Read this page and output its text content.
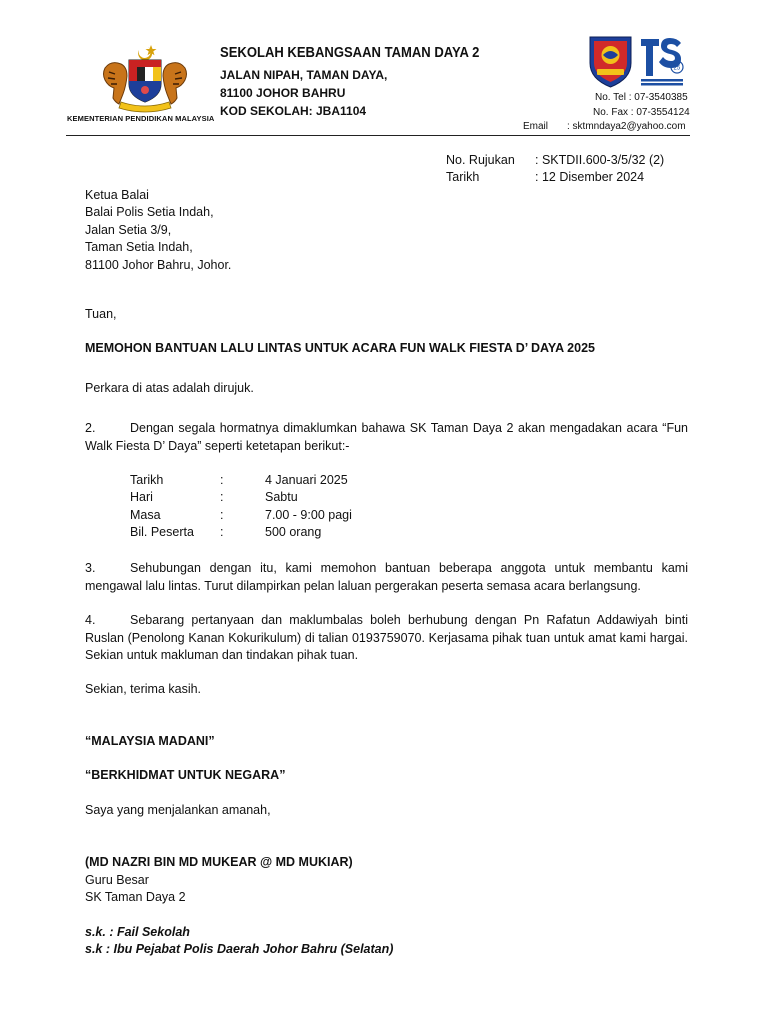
KEMENTERIAN PENDIDIKAN MALAYSIA
SEKOLAH KEBANGSAAN TAMAN DAYA 2
JALAN NIPAH, TAMAN DAYA,
81100 JOHOR BAHRU
KOD SEKOLAH: JBA1104
25
No. Tel : 07-3540385
No. Fax : 07-3554124
Email : sktmndaya2@yahoo.com
No. Rujukan : SKTDII.600-3/5/32 (2)
Tarikh	: 12 Disember 2024
Ketua Balai
Balai Polis Setia Indah,
Jalan Setia 3/9,
Taman Setia Indah,
81100 Johor Bahru, Johor.
Tuan,
MEMOHON BANTUAN LALU LINTAS UNTUK ACARA FUN WALK FIESTA D’ DAYA 2025
Perkara di atas adalah dirujuk.
2.	Dengan segala hormatnya dimaklumkan bahawa SK Taman Daya 2 akan mengadakan acara “Fun Walk Fiesta D’ Daya” seperti ketetapan berikut:-
Tarikh	:	4 Januari 2025
Hari	:	Sabtu
Masa	:	7.00 - 9:00 pagi
Bil. Peserta :	500 orang
3.	Sehubungan dengan itu, kami memohon bantuan beberapa anggota untuk membantu kami mengawal lalu lintas. Turut dilampirkan pelan laluan pergerakan peserta semasa acara berlangsung.
4.	Sebarang pertanyaan dan maklumbalas boleh berhubung dengan Pn Rafatun Addawiyah binti Ruslan (Penolong Kanan Kokurikulum) di talian 0193759070. Kerjasama pihak tuan untuk amat kami hargai. Sekian untuk makluman dan tindakan pihak tuan.
Sekian, terima kasih.
“MALAYSIA MADANI”
“BERKHIDMAT UNTUK NEGARA”
Saya yang menjalankan amanah,
(MD NAZRI BIN MD MUKEAR @ MD MUKIAR)
Guru Besar
SK Taman Daya 2
s.k. : Fail Sekolah
s.k : Ibu Pejabat Polis Daerah Johor Bahru (Selatan)
